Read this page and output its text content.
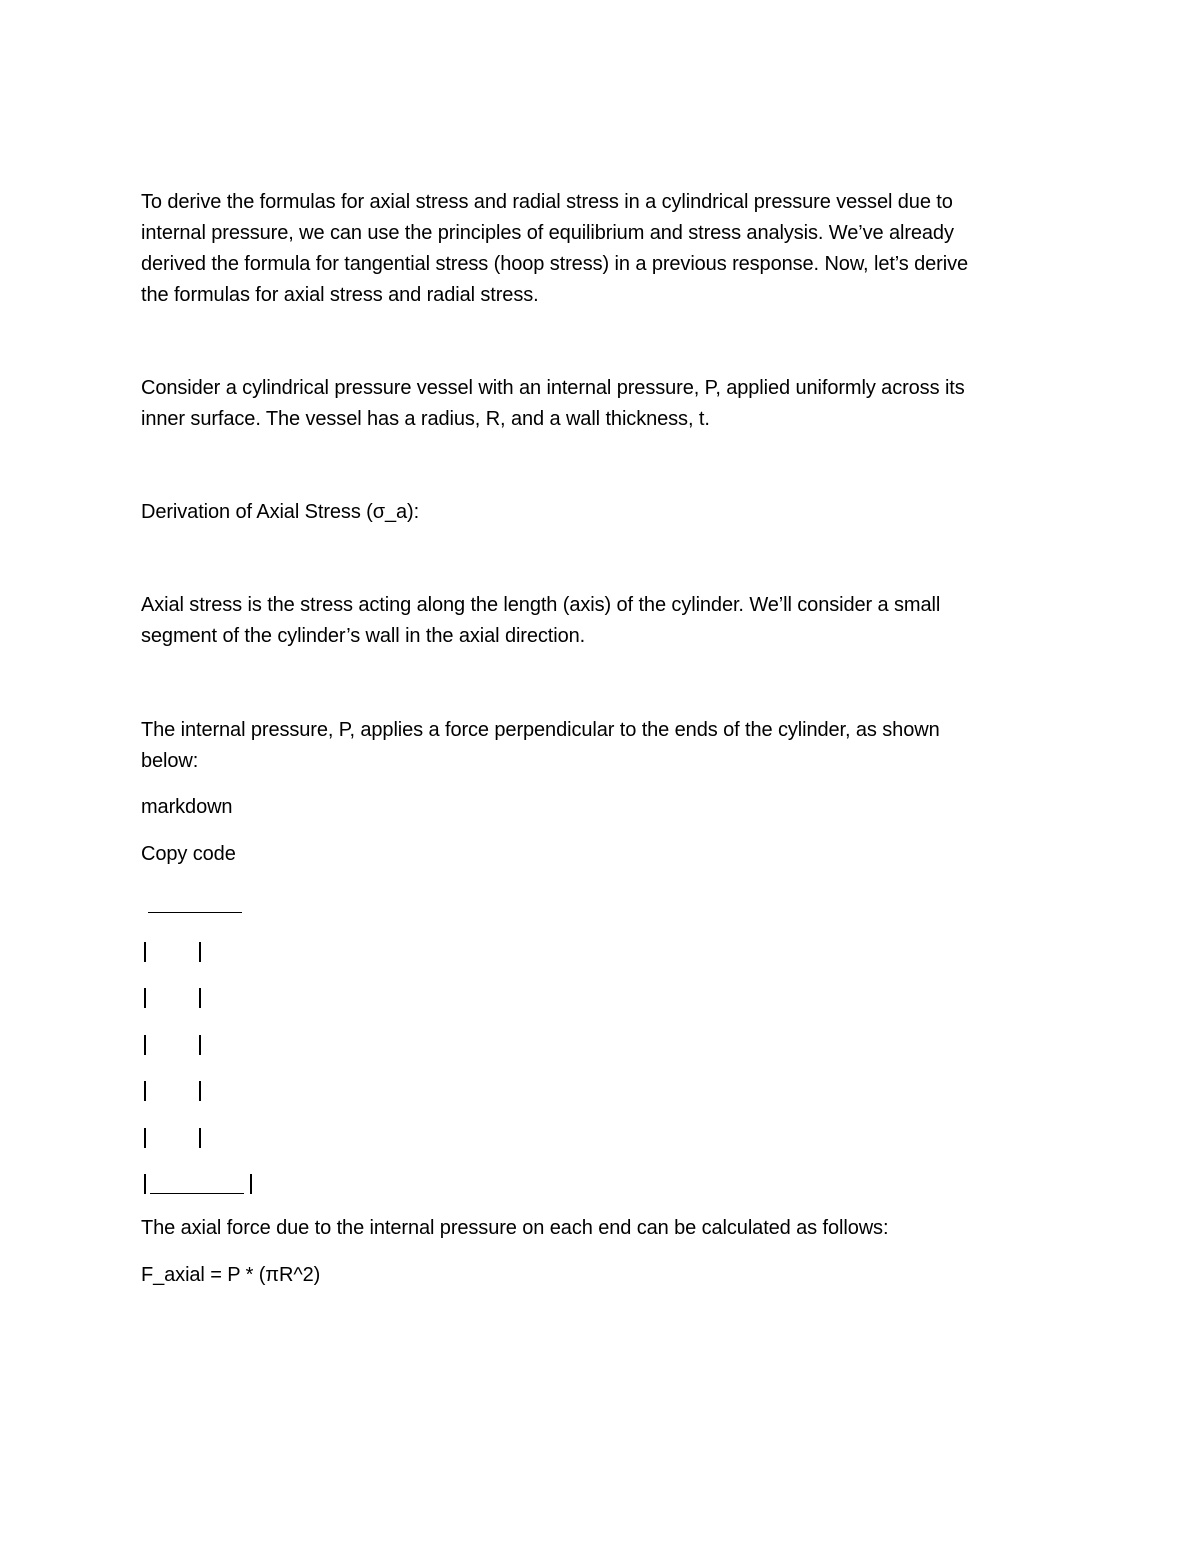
To derive the formulas for axial stress and radial stress in a cylindrical pressure vessel due to
internal pressure, we can use the principles of equilibrium and stress analysis. We’ve already
derived the formula for tangential stress (hoop stress) in a previous response. Now, let’s derive
the formulas for axial stress and radial stress.
Consider a cylindrical pressure vessel with an internal pressure, P, applied uniformly across its
inner surface. The vessel has a radius, R, and a wall thickness, t.
Derivation of Axial Stress (σ_a):
Axial stress is the stress acting along the length (axis) of the cylinder. We’ll consider a small
segment of the cylinder’s wall in the axial direction.
The internal pressure, P, applies a force perpendicular to the ends of the cylinder, as shown
below:
markdown
Copy code
The axial force due to the internal pressure on each end can be calculated as follows:
F_axial = P * (πR^2)
